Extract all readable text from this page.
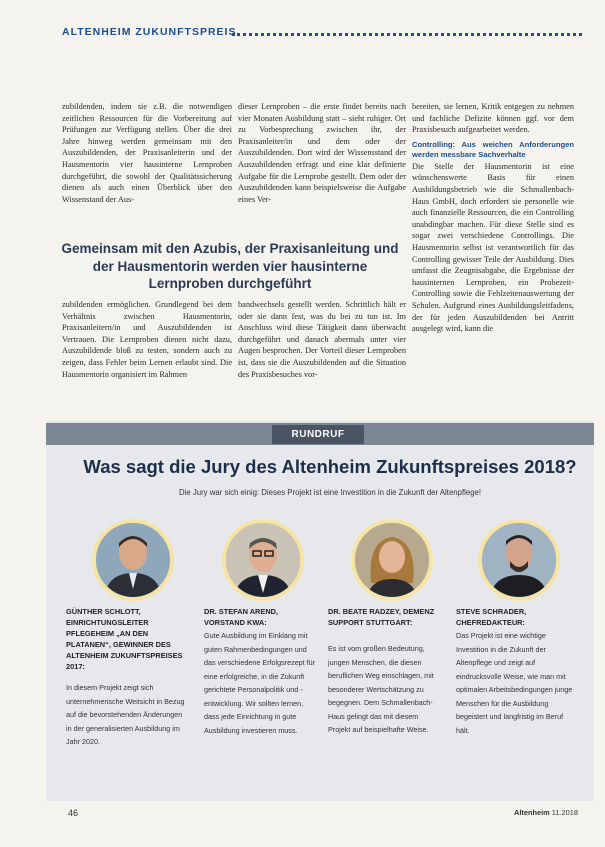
ALTENHEIM ZUKUNFTSPREIS

zubildenden, indem sie z.B. die notwendigen zeitlichen Ressourcen für die Vorbereitung auf Prüfungen zur Verfügung stellen. Über die drei Jahre hinweg werden gemeinsam mit den Auszubildenden, der Praxisanleiterin und der Hausmentorin vier hausinterne Lernproben durchgeführt, die sowohl der Qualitätssicherung dienen als auch einen Überblick über den Wissenstand der Aus-

dieser Lernproben – die erste findet bereits nach vier Monaten Ausbildung statt – sieht ruhiger. Ort zu Vorbesprechung zwischen ihr, der Praxisanleiter/in und dem oder der Auszubildenden. Dort wird der Wissensstand der Auszubildenden erfragt und eine klar definierte Aufgabe für die Lernprobe gestellt. Dem oder der Auszubildenden kann beispielsweise die Aufgabe eines Ver-

Gemeinsam mit den Azubis, der Praxisanleitung und der Hausmentorin werden vier hausinterne Lernproben durchgeführt

zubildenden ermöglichen. Grundlegend bei dem Verhältnis zwischen Hausmentorin, Praxisanleitern/in und Auszubildenden ist Vertrauen. Die Lernproben dienen nicht dazu, Auszubildende bloß zu testen, sondern auch zu zeigen, dass Fehler beim Lernen erlaubt sind. Die Hausmentorin organisiert im Rahmen

bandwechsels gestellt werden. Schrittlich hält er oder sie dann fest, was du bei zu tun ist. Im Anschluss wird diese Tätigkeit dann überwacht durchgeführt und danach abermals unter vier Augen besprochen. Der Vorteil dieser Lernproben ist, dass sie die Auszubildenden auf die Situation des Praxisbesuches vor-

bereiten, sie lernen, Kritik entgegen zu nehmen und fachliche Defizite können ggf. vor dem Praxisbesuch aufgearbeitet werden.

Controlling: Aus weichen Anforderungen werden messbare Sachverhalte

Die Stelle der Hausmentorin ist eine wünschenswerte Basis für einen Ausbildungsbetrieb wie die Schmallenbach- Haus GmbH, doch erfordert sie personelle wie auch finanzielle Ressourcen, die ein Controlling unabdingbar machen. Für diese Stelle sind es sogar zwei verschiedene Controllings. Die Hausmentorin selbst ist verantwortlich für das Controlling gewisser Teile der Ausbildung. Dies umfasst die Zeugnisabgabe, die Ergebnisse der hausinternen Lernproben, ein Probezeit-Controlling sowie die Fehlzeitenauswertung der Schulen. Aufgrund eines Ausbildungsleitfadens, der für jeden Auszubildenden bei Antritt ausgelegt wird, kann die

RUNDRUF
Was sagt die Jury des Altenheim Zukunftspreises 2018?
Die Jury war sich einig: Dieses Projekt ist eine Investition in die Zukunft der Altenpflege!
GÜNTHER SCHLOTT, EINRICHTUNGSLEITER PFLEGEHEIM „AN DEN PLATANEN“, GEWINNER DES ALTENHEIM ZUKUNFTSPREISES 2017:
In diesem Projekt zeigt sich unternehmerische Weitsicht in Bezug auf die bevorstehenden Änderungen in der generalisierten Ausbildung im Jahr 2020.
DR. STEFAN AREND, VORSTAND KWA:
Gute Ausbildung im Einklang mit guten Rahmenbedingungen und das verschiedene Erfolgsrezept für eine erfolgreiche, in die Zukunft gerichtete Personalpolitik und -entwicklung. Wir sollten lernen, dass jede Einrichtung in gute Ausbildung investieren muss.
DR. BEATE RADZEY, DEMENZ SUPPORT STUTTGART:
Es ist vom großen Bedeutung, jungen Menschen, die diesen beruflichen Weg einschlagen, mit besonderer Wertschätzung zu begegnen. Dem Schmallenbach-Haus gelingt das mit diesem Projekt auf beispielhafte Weise.
STEVE SCHRADER, CHEFREDAKTEUR:
Das Projekt ist eine wichtige Investition in die Zukunft der Altenpflege und zeigt auf eindrucksvolle Weise, wie man mit optimalen Arbeitsbedingungen junge Menschen für die Ausbildung begeistert und langfristig im Beruf hält.
46	Altenheim 11.2018
